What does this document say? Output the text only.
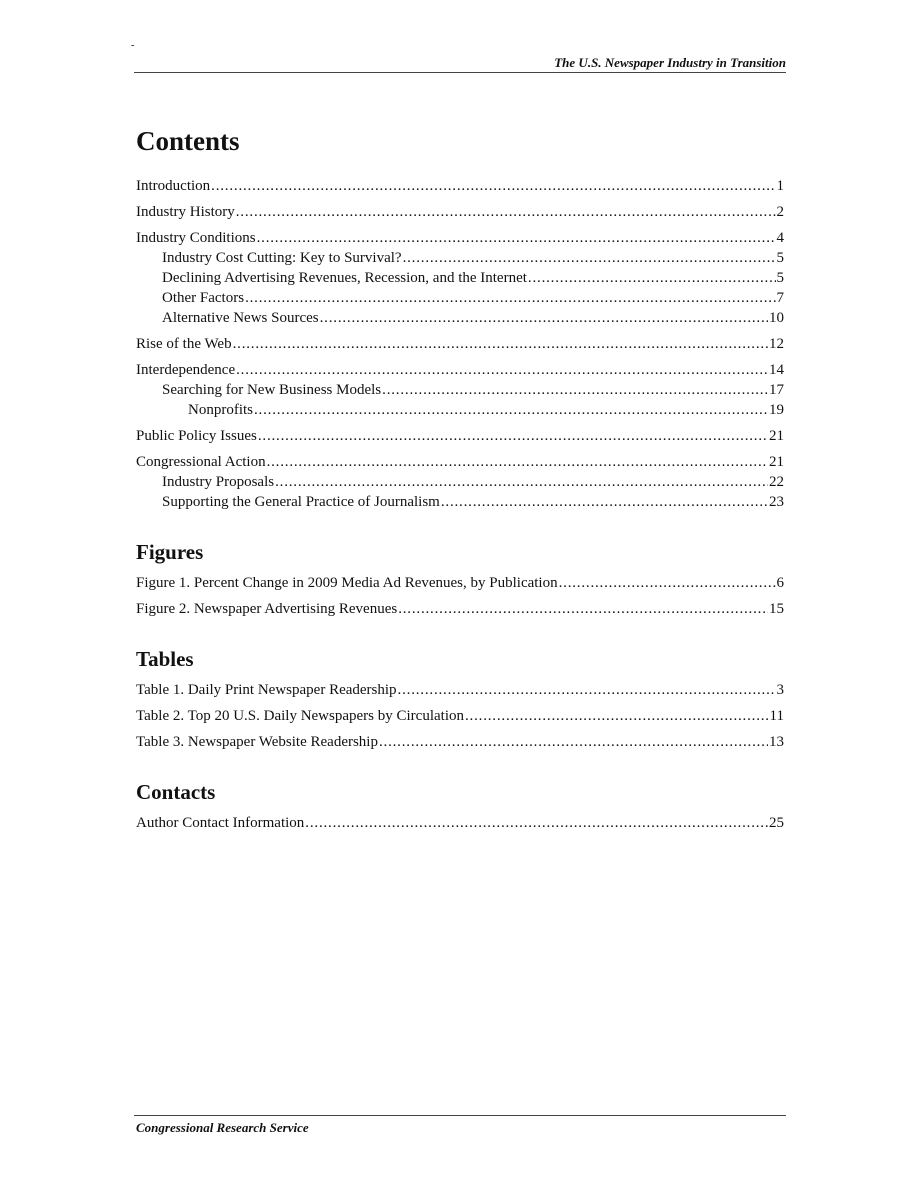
-
The U.S. Newspaper Industry in Transition
Contents
Introduction .....	1
Industry History .....	2
Industry Conditions .....	4
Industry Cost Cutting: Key to Survival? .....	5
Declining Advertising Revenues, Recession, and the Internet .....	5
Other Factors .....	7
Alternative News Sources .....	10
Rise of the Web .....	12
Interdependence .....	14
Searching for New Business Models .....	17
Nonprofits .....	19
Public Policy Issues .....	21
Congressional Action .....	21
Industry Proposals .....	22
Supporting the General Practice of Journalism .....	23
Figures
Figure 1. Percent Change in 2009 Media Ad Revenues, by Publication .....	6
Figure 2. Newspaper Advertising Revenues .....	15
Tables
Table 1. Daily Print Newspaper Readership .....	3
Table 2. Top 20 U.S. Daily Newspapers by Circulation .....	11
Table 3. Newspaper Website Readership .....	13
Contacts
Author Contact Information .....	25
Congressional Research Service
